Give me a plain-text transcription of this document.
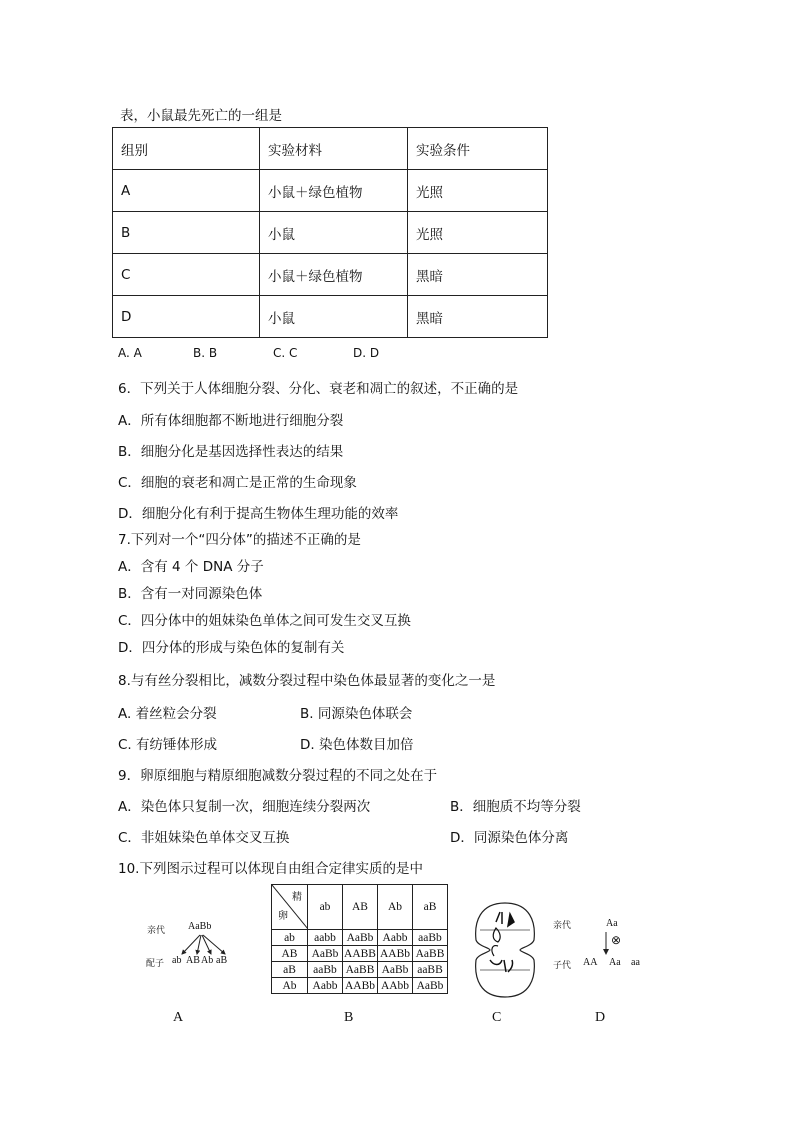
表，小鼠最先死亡的一组是
组别	实验材料	实验条件
A	小鼠＋绿色植物	光照
B	小鼠	光照
C	小鼠＋绿色植物	黑暗
D	小鼠	黑暗
A. A	B. B	C. C	D. D
6．下列关于人体细胞分裂、分化、衰老和凋亡的叙述，不正确的是
A．所有体细胞都不断地进行细胞分裂
B．细胞分化是基因选择性表达的结果
C．细胞的衰老和凋亡是正常的生命现象
D．细胞分化有利于提高生物体生理功能的效率
7.下列对一个“四分体”的描述不正确的是
A．含有 4 个 DNA 分子
B．含有一对同源染色体
C．四分体中的姐妹染色单体之间可发生交叉互换
D．四分体的形成与染色体的复制有关
8.与有丝分裂相比，减数分裂过程中染色体最显著的变化之一是
A. 着丝粒会分裂	B. 同源染色体联会
C. 有纺锤体形成	D. 染色体数目加倍
9．卵原细胞与精原细胞减数分裂过程的不同之处在于
A．染色体只复制一次，细胞连续分裂两次	B．细胞质不均等分裂
C．非姐妹染色单体交叉互换	D．同源染色体分离
10.下列图示过程可以体现自由组合定律实质的是中
亲代 AaBb
配子 ab AB Ab aB
A
精
卵	ab	AB	Ab	aB
ab	aabb	AaBb	Aabb	aaBb
AB	AaBb	AABB	AABb	AaBB
aB	aaBb	AaBB	AaBb	aaBB
Ab	Aabb	AABb	AAbb	AaBb
B	C
亲代	Aa
⊗
子代 AA Aa aa
D
